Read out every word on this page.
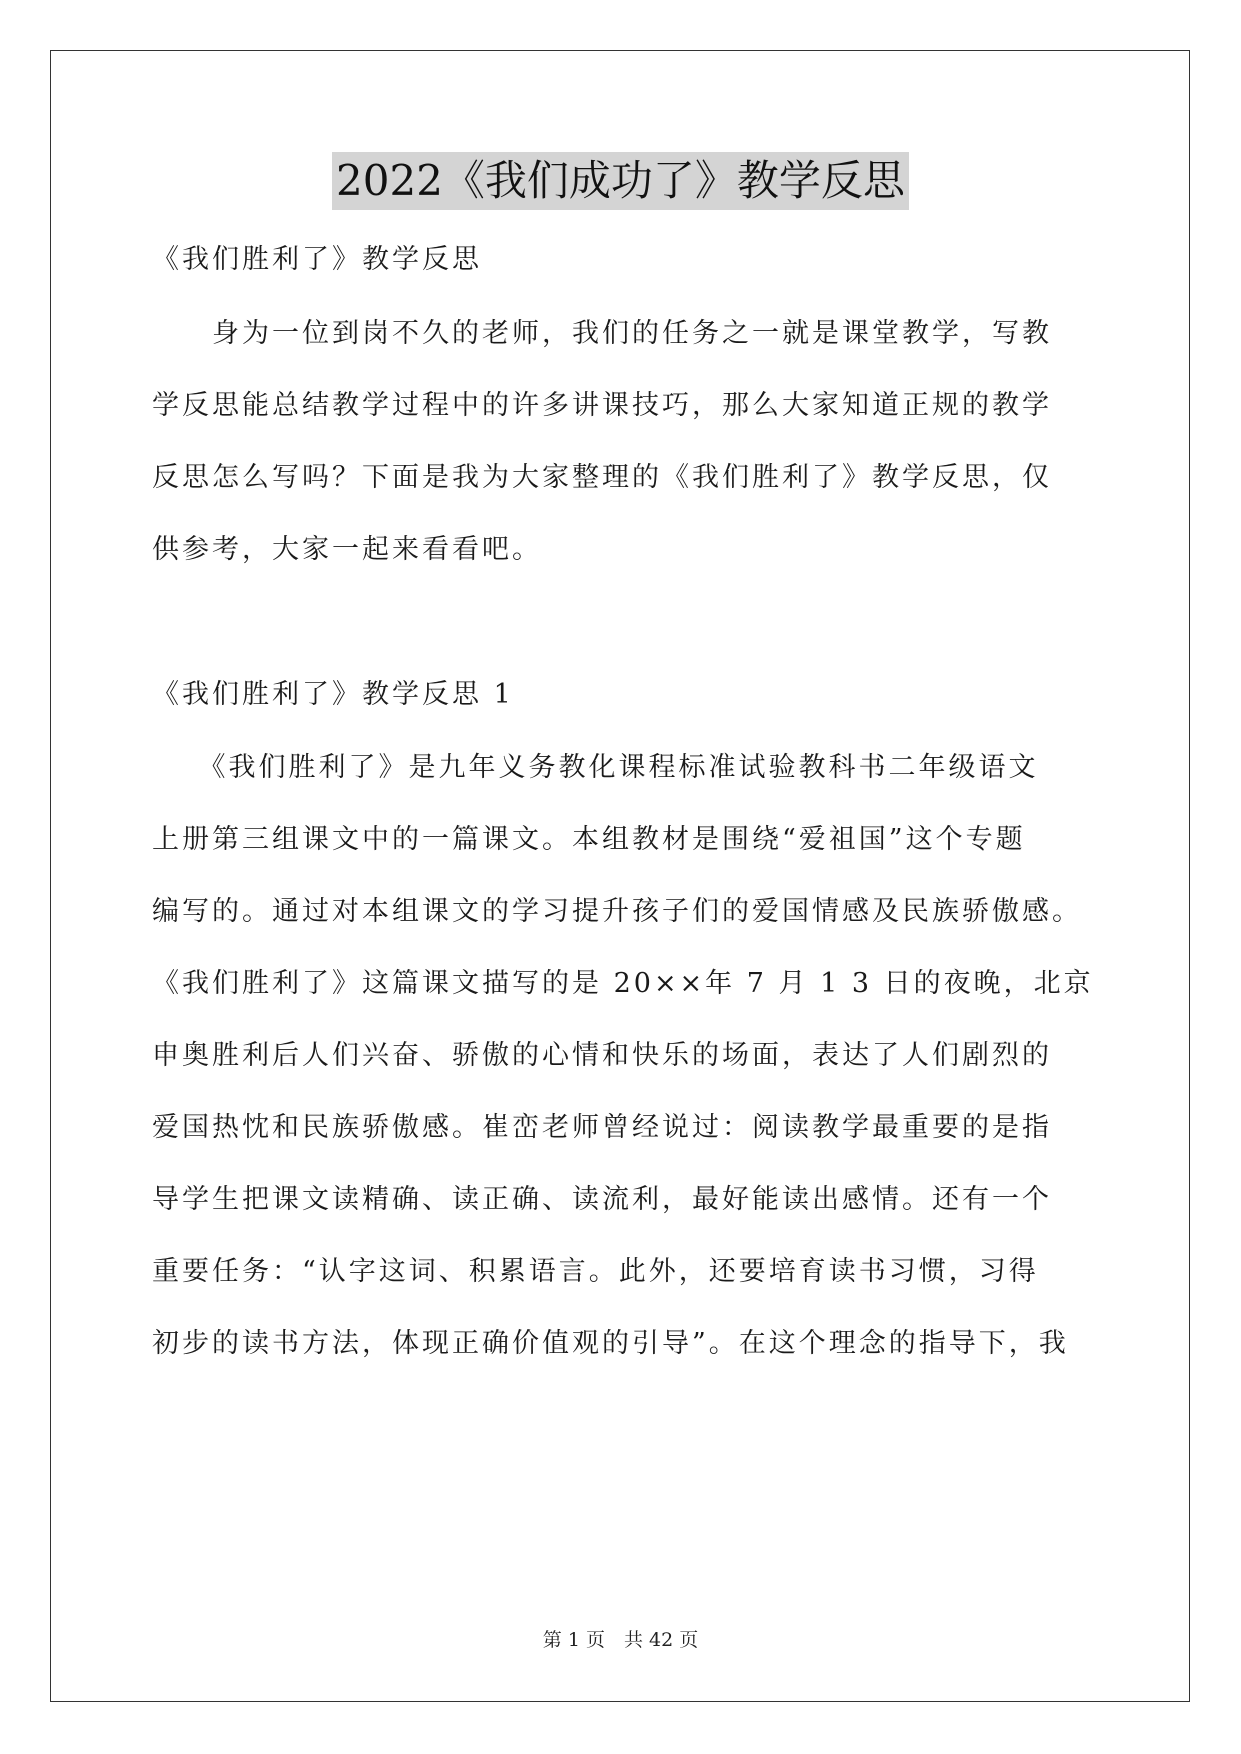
2022《我们成功了》教学反思
《我们胜利了》教学反思
　　身为一位到岗不久的老师，我们的任务之一就是课堂教学，写教
学反思能总结教学过程中的许多讲课技巧，那么大家知道正规的教学
反思怎么写吗？下面是我为大家整理的《我们胜利了》教学反思，仅
供参考，大家一起来看看吧。
《我们胜利了》教学反思 1
　　《我们胜利了》是九年义务教化课程标准试验教科书二年级语文
上册第三组课文中的一篇课文。本组教材是围绕“爱祖国”这个专题
编写的。通过对本组课文的学习提升孩子们的爱国情感及民族骄傲感。
《我们胜利了》这篇课文描写的是 20××年 7 月 1 3 日的夜晚，北京
申奥胜利后人们兴奋、骄傲的心情和快乐的场面，表达了人们剧烈的
爱国热忱和民族骄傲感。崔峦老师曾经说过：阅读教学最重要的是指
导学生把课文读精确、读正确、读流利，最好能读出感情。还有一个
重要任务：“认字这词、积累语言。此外，还要培育读书习惯，习得
初步的读书方法，体现正确价值观的引导”。在这个理念的指导下，我
第 1 页　共 42 页
